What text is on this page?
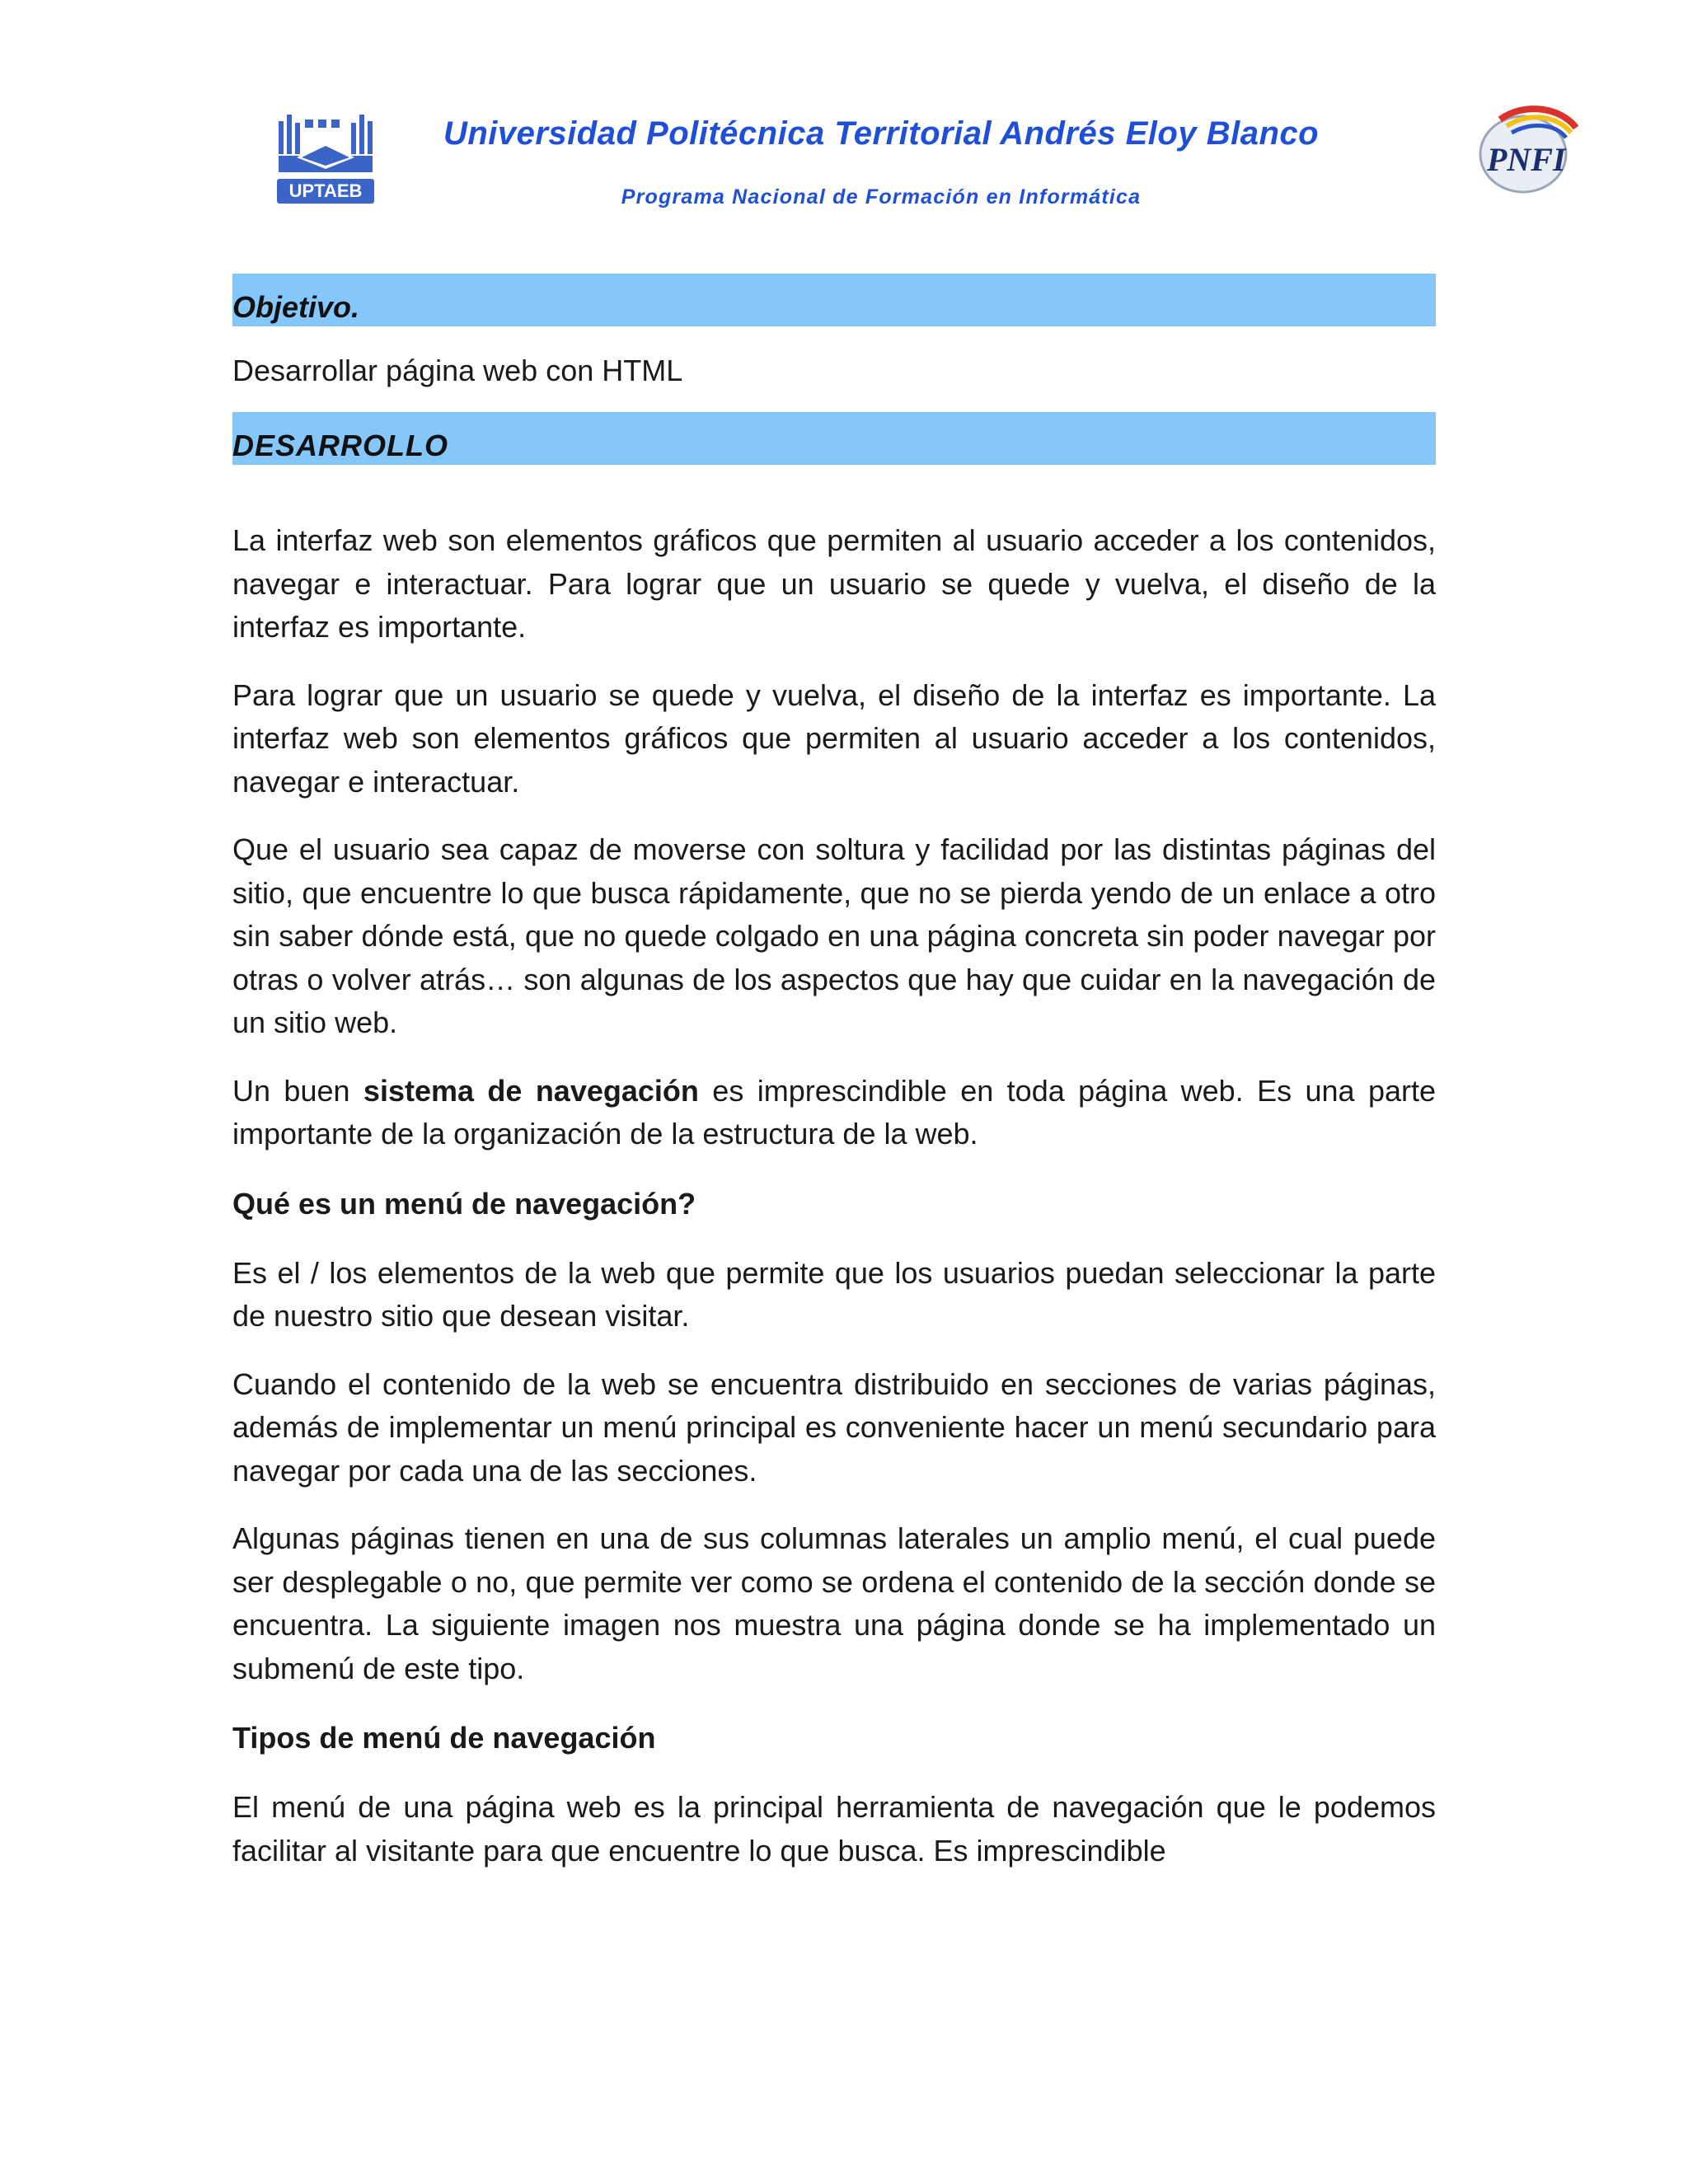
UPTAEB
Universidad Politécnica Territorial Andrés Eloy Blanco
Programa Nacional de Formación en Informática
PNFI
Objetivo.
Desarrollar página web con HTML
DESARROLLO

La interfaz web son elementos gráficos que permiten al usuario acceder a los contenidos, navegar e interactuar. Para lograr que un usuario se quede y vuelva, el diseño de la interfaz es importante.

Para lograr que un usuario se quede y vuelva, el diseño de la interfaz es importante. La interfaz web son elementos gráficos que permiten al usuario acceder a los contenidos, navegar e interactuar.

Que el usuario sea capaz de moverse con soltura y facilidad por las distintas páginas del sitio, que encuentre lo que busca rápidamente, que no se pierda yendo de un enlace a otro sin saber dónde está, que no quede colgado en una página concreta sin poder navegar por otras o volver atrás… son algunas de los aspectos que hay que cuidar en la navegación de un sitio web.

Un buen sistema de navegación es imprescindible en toda página web. Es una parte importante de la organización de la estructura de la web.

Qué es un menú de navegación?

Es el / los elementos de la web que permite que los usuarios puedan seleccionar la parte de nuestro sitio que desean visitar.

Cuando el contenido de la web se encuentra distribuido en secciones de varias páginas, además de implementar un menú principal es conveniente hacer un menú secundario para navegar por cada una de las secciones.

Algunas páginas tienen en una de sus columnas laterales un amplio menú, el cual puede ser desplegable o no, que permite ver como se ordena el contenido de la sección donde se encuentra. La siguiente imagen nos muestra una página donde se ha implementado un submenú de este tipo.

Tipos de menú de navegación

El menú de una página web es la principal herramienta de navegación que le podemos facilitar al visitante para que encuentre lo que busca. Es imprescindible
